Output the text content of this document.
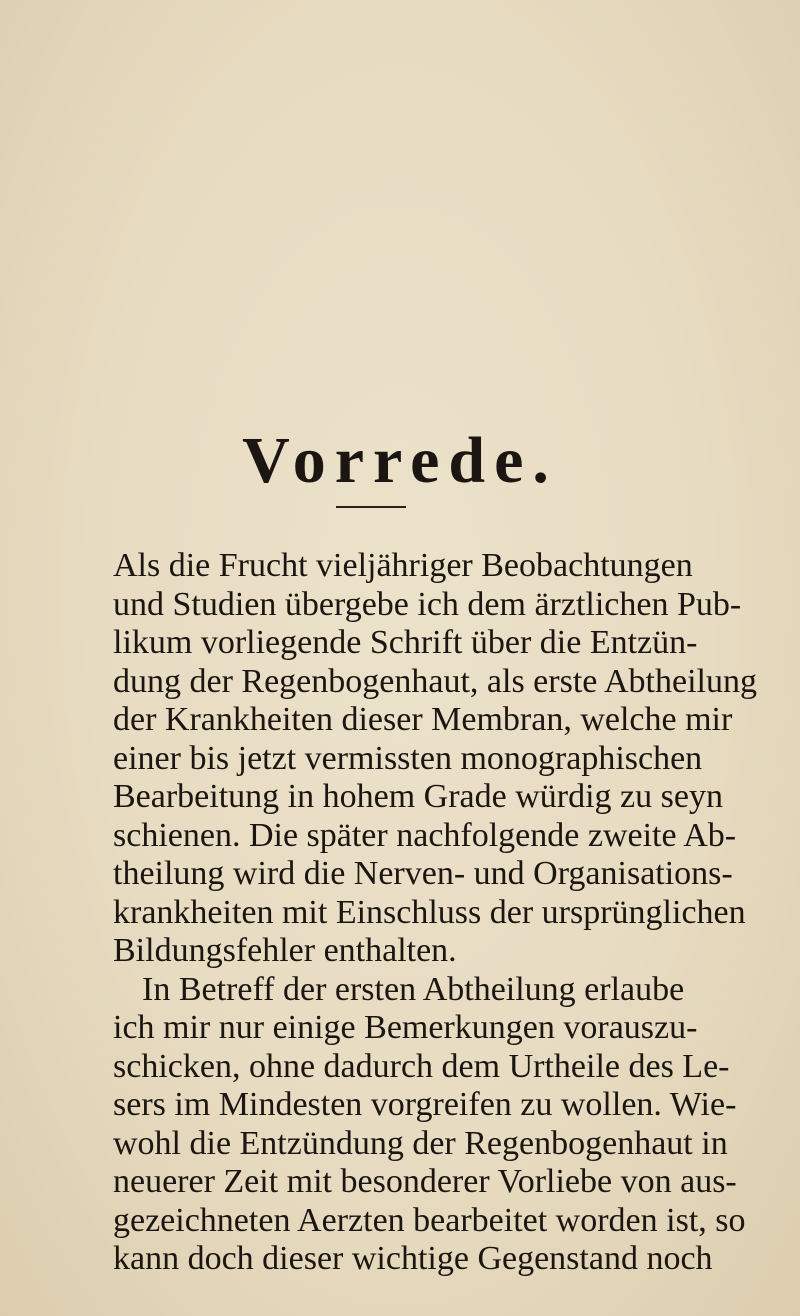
Vorrede.
Als die Frucht vieljähriger Beobachtungen
und Studien übergebe ich dem ärztlichen Pub-
likum vorliegende Schrift über die Entzün-
dung der Regenbogenhaut, als erste Abtheilung
der Krankheiten dieser Membran, welche mir
einer bis jetzt vermissten monographischen
Bearbeitung in hohem Grade würdig zu seyn
schienen. Die später nachfolgende zweite Ab-
theilung wird die Nerven- und Organisations-
krankheiten mit Einschluss der ursprünglichen
Bildungsfehler enthalten.
In Betreff der ersten Abtheilung erlaube
ich mir nur einige Bemerkungen vorauszu-
schicken, ohne dadurch dem Urtheile des Le-
sers im Mindesten vorgreifen zu wollen. Wie-
wohl die Entzündung der Regenbogenhaut in
neuerer Zeit mit besonderer Vorliebe von aus-
gezeichneten Aerzten bearbeitet worden ist, so
kann doch dieser wichtige Gegenstand noch
